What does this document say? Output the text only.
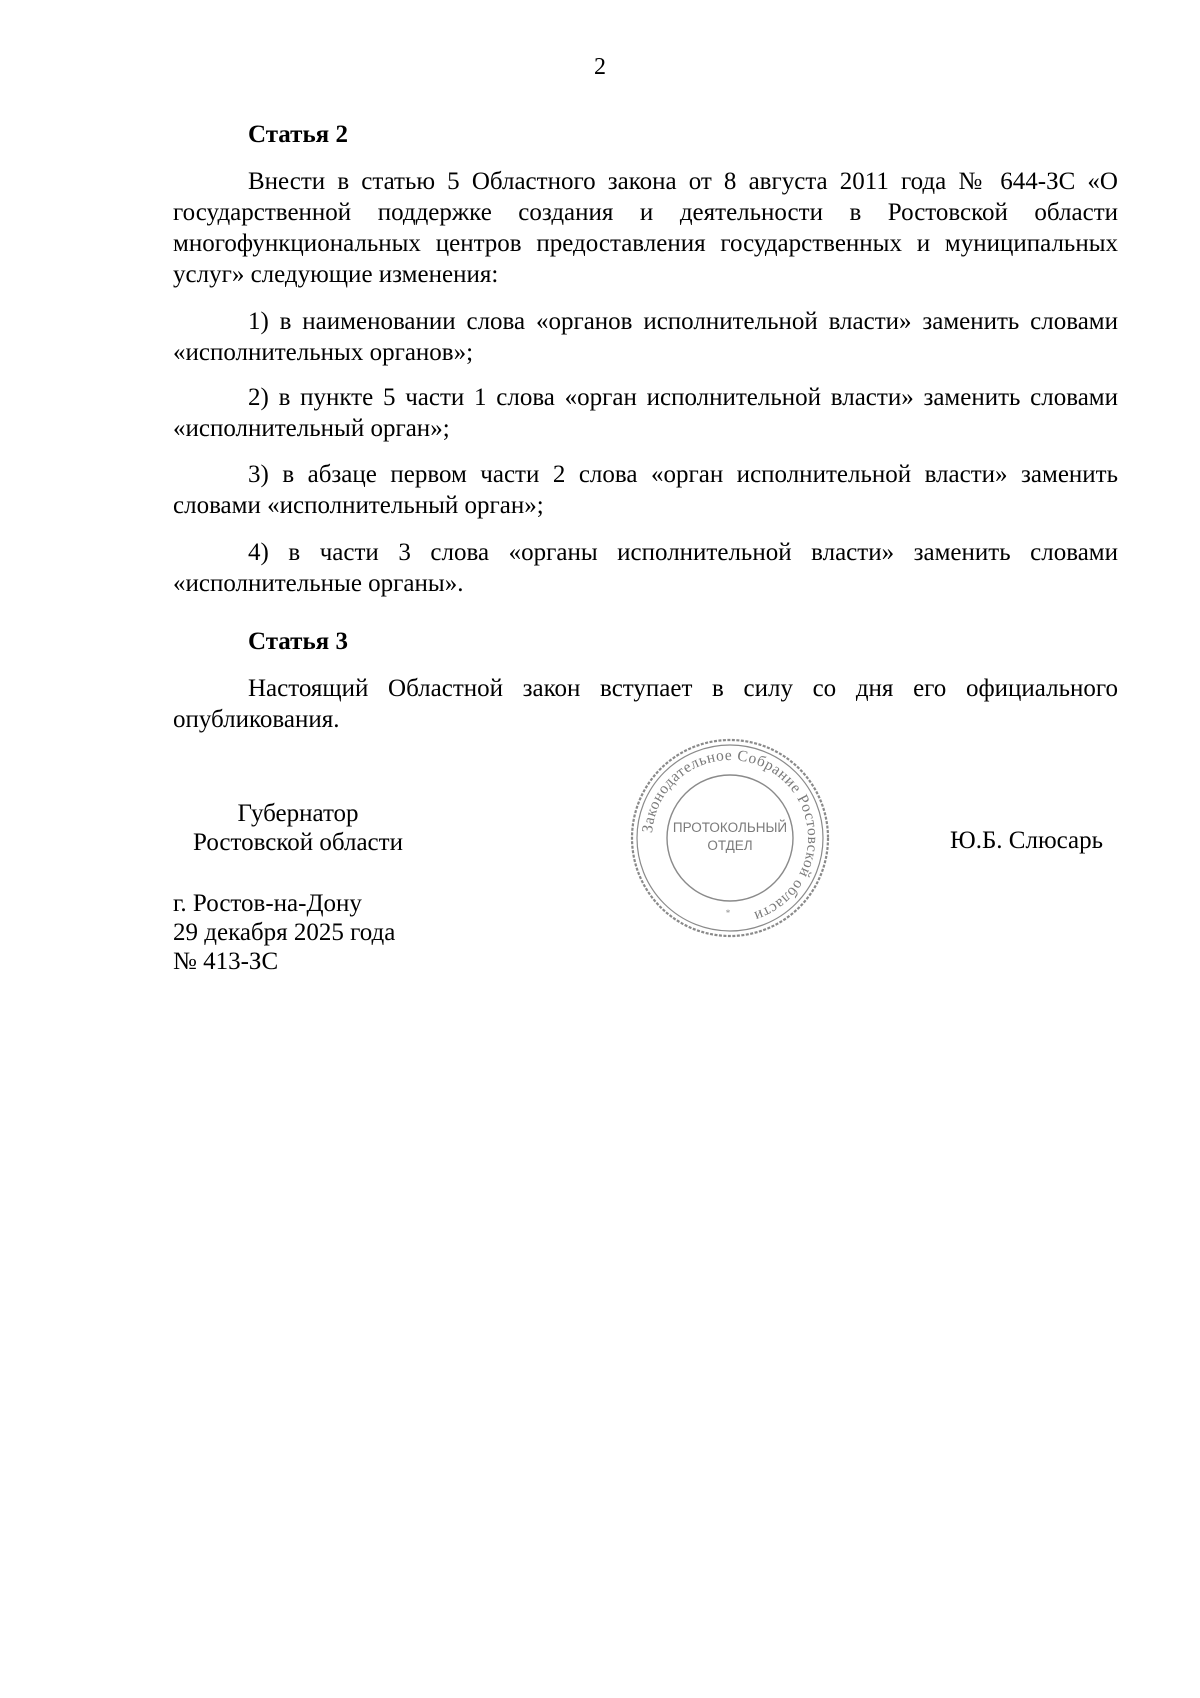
2
Статья 2

Внести в статью 5 Областного закона от 8 августа 2011 года № 644-ЗС «О государственной поддержке создания и деятельности в Ростовской области многофункциональных центров предоставления государственных и муниципальных услуг» следующие изменения:

1) в наименовании слова «органов исполнительной власти» заменить словами «исполнительных органов»;

2) в пункте 5 части 1 слова «орган исполнительной власти» заменить словами «исполнительный орган»;

3) в абзаце первом части 2 слова «орган исполнительной власти» заменить словами «исполнительный орган»;

4) в части 3 слова «органы исполнительной власти» заменить словами «исполнительные органы».

Статья 3

Настоящий Областной закон вступает в силу со дня его официального опубликования.

Губернатор
Ростовской области	Ю.Б. Слюсарь
г. Ростов-на-Дону
29 декабря 2025 года
№ 413-ЗС
Законодательное Собрание Ростовской области
ПРОТОКОЛЬНЫЙ
ОТДЕЛ
*
